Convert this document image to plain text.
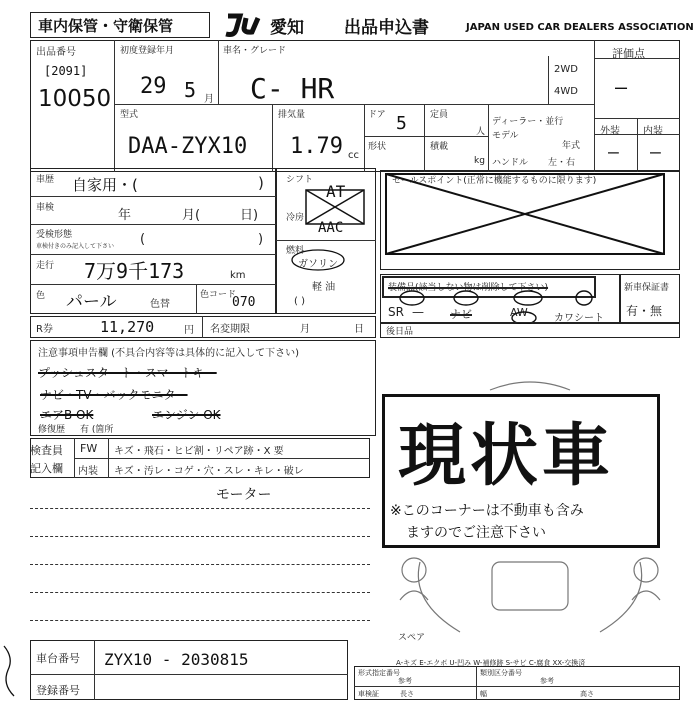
車内保管・守衛保管	愛知 出品申込書	JAPAN USED CAR DEALERS ASSOCIATION
出品番号
[2091]
10050
初度登録年月
29 5 月
車名・グレード
C- HR
2WD
4WD
評価点
—
外装 内装
— —
型式
DAA-ZYX10
排気量
1.79 cc
ドア 5	定員
人
形状	積載
kg
ディーラー・並行
モデル
年式
ハンドル 左・右
車歴 自家用・(	)
車検	年	月(	日)
受検形態
車検付きのみ記入して下さい (	)
走行 7万9千173	km
色 パール	色替
色コード
070
シフト
AT
冷房
AAC
燃料
ガソリン
軽 油
( )
セールスポイント(正常に機能するものに限ります)
装備品(該当しない物は削除して下さい)
SR — ナビ	AW	カワシート
新車保証書
有・無
後日品
R券	11,270	円 名変期限	月	日
注意事項申告欄 (不具合内容等は具体的に記入して下さい)
プッシュスタート・スマートキー
ナビ・TV・バックモニター
エアB OK	エンジン OK
修復歴 有 (箇所
検査員
記入欄
FW キズ・飛石・ヒビ割・リペア跡・X 要
内装 キズ・汚レ・コゲ・穴・スレ・キレ・破レ
モーター 現状車
※このコーナーは不動車も含み
ますのでご注意下さい
スペア
A-キズ E-エクボ U-凹み W-補修跡 S-サビ C-腐食 XX-交換済
車台番号 ZYX10 - 2030815
登録番号
形式指定番号
参考
類別区分番号
参考
車検証	長さ	幅	高さ
